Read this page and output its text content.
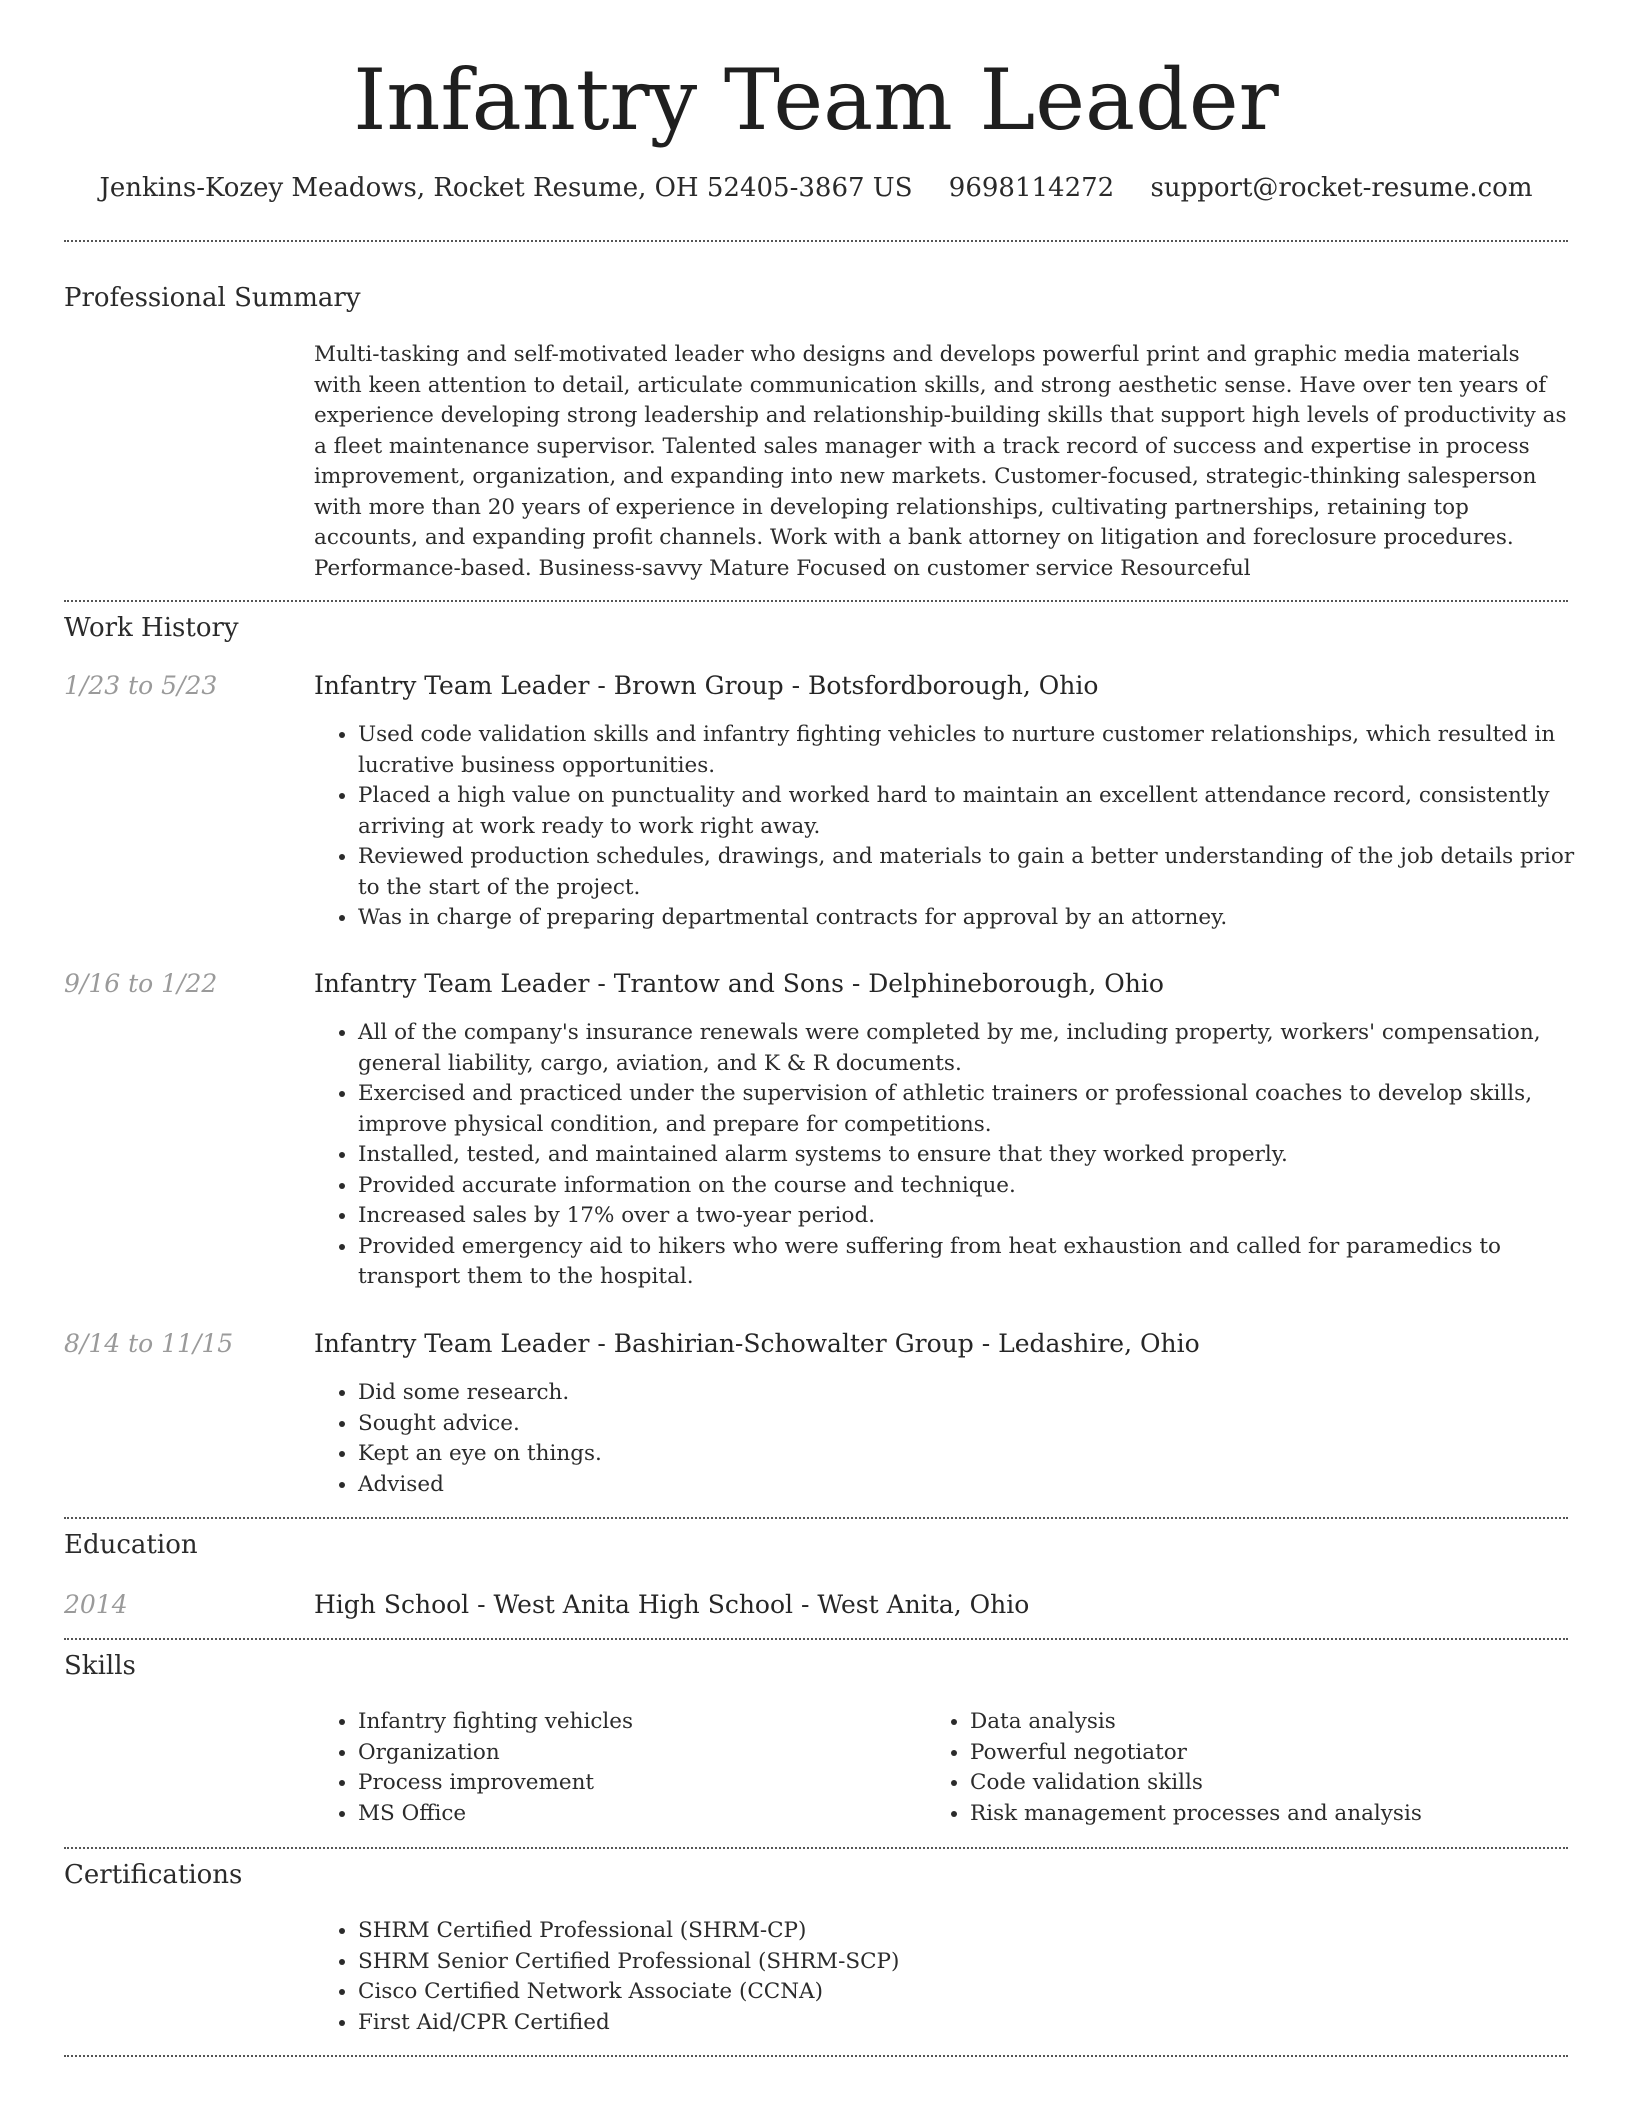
Infantry Team Leader
Jenkins-Kozey Meadows, Rocket Resume, OH 52405-3867 US 9698114272 support@rocket-resume.com
Professional Summary
Multi-tasking and self-motivated leader who designs and develops powerful print and graphic media materials with keen attention to detail, articulate communication skills, and strong aesthetic sense. Have over ten years of experience developing strong leadership and relationship-building skills that support high levels of productivity as a fleet maintenance supervisor. Talented sales manager with a track record of success and expertise in process improvement, organization, and expanding into new markets. Customer-focused, strategic-thinking salesperson with more than 20 years of experience in developing relationships, cultivating partnerships, retaining top accounts, and expanding profit channels. Work with a bank attorney on litigation and foreclosure procedures. Performance-based. Business-savvy Mature Focused on customer service Resourceful
Work History
1/23 to 5/23	Infantry Team Leader - Brown Group - Botsfordborough, Ohio
• Used code validation skills and infantry fighting vehicles to nurture customer relationships, which resulted in lucrative business opportunities.
• Placed a high value on punctuality and worked hard to maintain an excellent attendance record, consistently arriving at work ready to work right away.
• Reviewed production schedules, drawings, and materials to gain a better understanding of the job details prior to the start of the project.
• Was in charge of preparing departmental contracts for approval by an attorney.
9/16 to 1/22	Infantry Team Leader - Trantow and Sons - Delphineborough, Ohio
• All of the company's insurance renewals were completed by me, including property, workers' compensation, general liability, cargo, aviation, and K & R documents.
• Exercised and practiced under the supervision of athletic trainers or professional coaches to develop skills, improve physical condition, and prepare for competitions.
• Installed, tested, and maintained alarm systems to ensure that they worked properly.
• Provided accurate information on the course and technique.
• Increased sales by 17% over a two-year period.
• Provided emergency aid to hikers who were suffering from heat exhaustion and called for paramedics to transport them to the hospital.
8/14 to 11/15	Infantry Team Leader - Bashirian-Schowalter Group - Ledashire, Ohio
• Did some research.
• Sought advice.
• Kept an eye on things.
• Advised
Education
2014	High School - West Anita High School - West Anita, Ohio
Skills
• Infantry fighting vehicles
• Organization
• Process improvement
• MS Office
• Data analysis
• Powerful negotiator
• Code validation skills
• Risk management processes and analysis
Certifications
• SHRM Certified Professional (SHRM-CP)
• SHRM Senior Certified Professional (SHRM-SCP)
• Cisco Certified Network Associate (CCNA)
• First Aid/CPR Certified
